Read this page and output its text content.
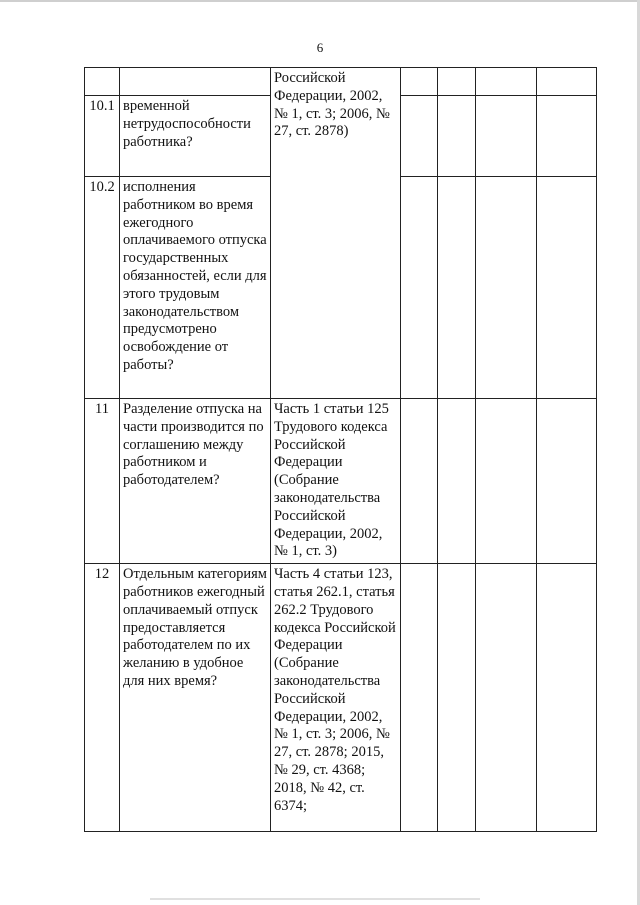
6
		Российской Федерации, 2002, № 1, ст. 3; 2006, № 27, ст. 2878)				
10.1	временной нетрудоспособности работника?					
10.2	исполнения работником во время ежегодного оплачиваемого отпуска государственных обязанностей, если для этого трудовым законодательством предусмотрено освобождение от работы?					
11	Разделение отпуска на части производится по соглашению между работником и работодателем?	Часть 1 статьи 125 Трудового кодекса Российской Федерации (Собрание законодательства Российской Федерации, 2002, № 1, ст. 3)				
12	Отдельным категориям работников ежегодный оплачиваемый отпуск предоставляется работодателем по их желанию в удобное для них время?	Часть 4 статьи 123, статья 262.1, статья 262.2 Трудового кодекса Российской Федерации (Собрание законодательства Российской Федерации, 2002, № 1, ст. 3; 2006, № 27, ст. 2878; 2015, № 29, ст. 4368; 2018, № 42, ст. 6374;				
